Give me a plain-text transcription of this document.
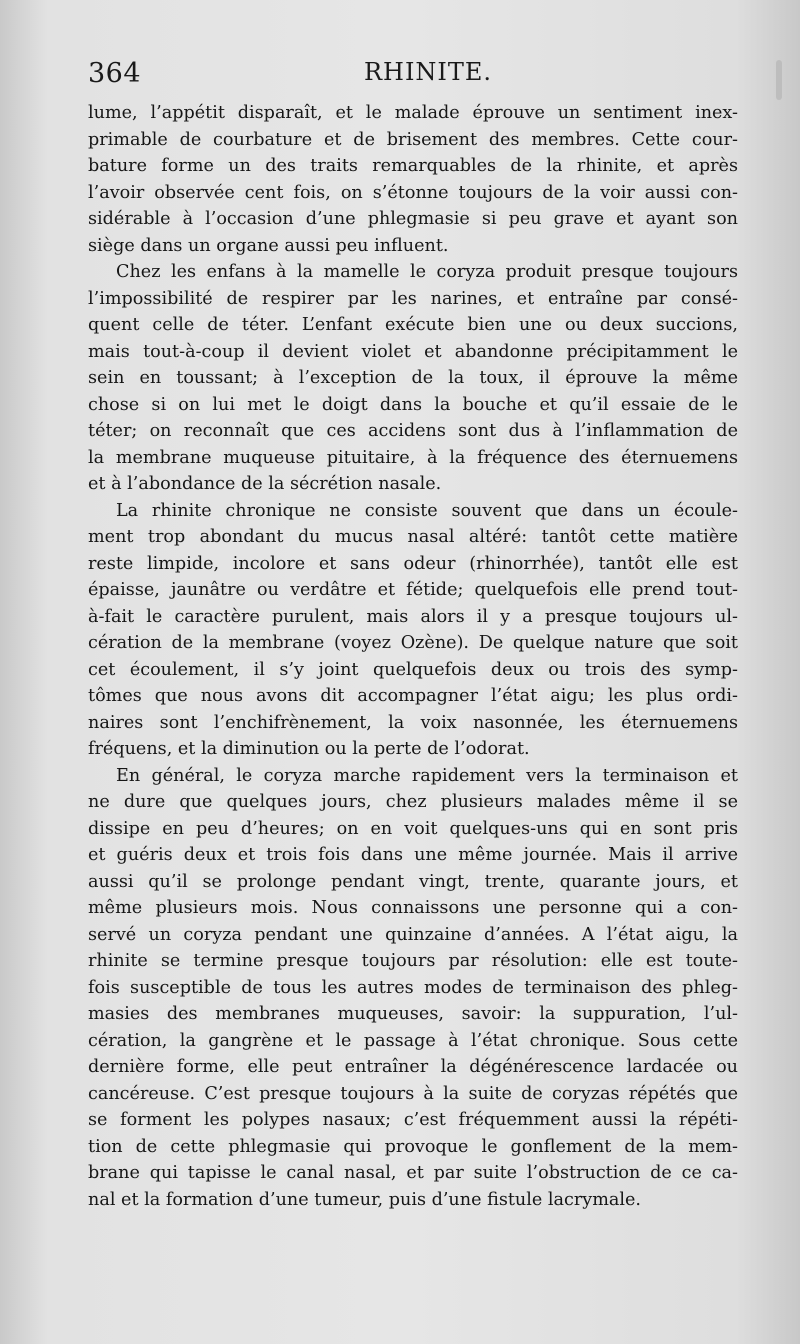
364	RHINITE.
lume, l’appétit disparaît, et le malade éprouve un sentiment inex-
primable de courbature et de brisement des membres. Cette cour-
bature forme un des traits remarquables de la rhinite, et après
l’avoir observée cent fois, on s’étonne toujours de la voir aussi con-
sidérable à l’occasion d’une phlegmasie si peu grave et ayant son
siège dans un organe aussi peu influent.
Chez les enfans à la mamelle le coryza produit presque toujours
l’impossibilité de respirer par les narines, et entraîne par consé-
quent celle de téter. L’enfant exécute bien une ou deux succions,
mais tout-à-coup il devient violet et abandonne précipitamment le
sein en toussant; à l’exception de la toux, il éprouve la même
chose si on lui met le doigt dans la bouche et qu’il essaie de le
téter; on reconnaît que ces accidens sont dus à l’inflammation de
la membrane muqueuse pituitaire, à la fréquence des éternuemens
et à l’abondance de la sécrétion nasale.
La rhinite chronique ne consiste souvent que dans un écoule-
ment trop abondant du mucus nasal altéré: tantôt cette matière
reste limpide, incolore et sans odeur (rhinorrhée), tantôt elle est
épaisse, jaunâtre ou verdâtre et fétide; quelquefois elle prend tout-
à-fait le caractère purulent, mais alors il y a presque toujours ul-
cération de la membrane (voyez Ozène). De quelque nature que soit
cet écoulement, il s’y joint quelquefois deux ou trois des symp-
tômes que nous avons dit accompagner l’état aigu; les plus ordi-
naires sont l’enchifrènement, la voix nasonnée, les éternuemens
fréquens, et la diminution ou la perte de l’odorat.
En général, le coryza marche rapidement vers la terminaison et
ne dure que quelques jours, chez plusieurs malades même il se
dissipe en peu d’heures; on en voit quelques-uns qui en sont pris
et guéris deux et trois fois dans une même journée. Mais il arrive
aussi qu’il se prolonge pendant vingt, trente, quarante jours, et
même plusieurs mois. Nous connaissons une personne qui a con-
servé un coryza pendant une quinzaine d’années. A l’état aigu, la
rhinite se termine presque toujours par résolution: elle est toute-
fois susceptible de tous les autres modes de terminaison des phleg-
masies des membranes muqueuses, savoir: la suppuration, l’ul-
cération, la gangrène et le passage à l’état chronique. Sous cette
dernière forme, elle peut entraîner la dégénérescence lardacée ou
cancéreuse. C’est presque toujours à la suite de coryzas répétés que
se forment les polypes nasaux; c’est fréquemment aussi la répéti-
tion de cette phlegmasie qui provoque le gonflement de la mem-
brane qui tapisse le canal nasal, et par suite l’obstruction de ce ca-
nal et la formation d’une tumeur, puis d’une fistule lacrymale.
